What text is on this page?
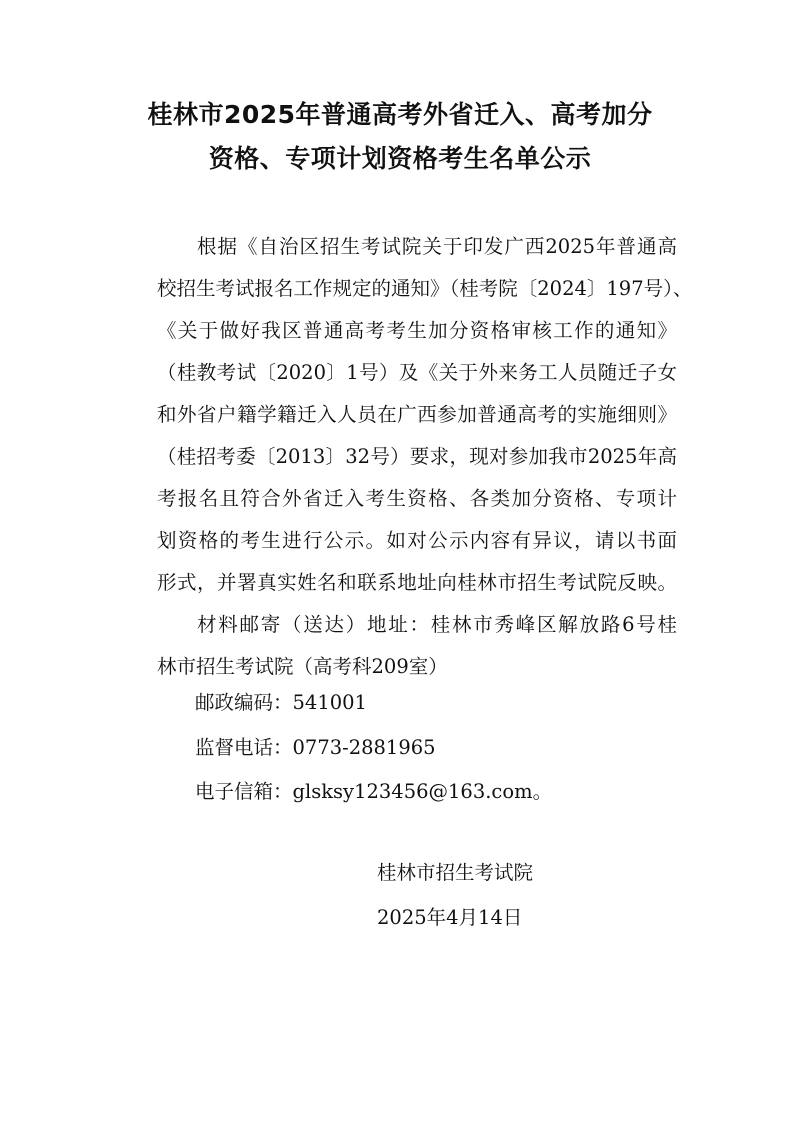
桂林市2025年普通高考外省迁入、高考加分
资格、专项计划资格考生名单公示
根据《自治区招生考试院关于印发广西2025年普通高
校招生考试报名工作规定的通知》（桂考院〔2024〕197号）、
《关于做好我区普通高考考生加分资格审核工作的通知》
（桂教考试〔2020〕1号）及《关于外来务工人员随迁子女
和外省户籍学籍迁入人员在广西参加普通高考的实施细则》
（桂招考委〔2013〕32号）要求，现对参加我市2025年高
考报名且符合外省迁入考生资格、各类加分资格、专项计
划资格的考生进行公示。如对公示内容有异议，请以书面
形式，并署真实姓名和联系地址向桂林市招生考试院反映。
材料邮寄（送达）地址：桂林市秀峰区解放路6号桂
林市招生考试院（高考科209室）

邮政编码：541001

监督电话：0773-2881965

电子信箱：glsksy123456@163.com。

桂林市招生考试院

2025年4月14日
